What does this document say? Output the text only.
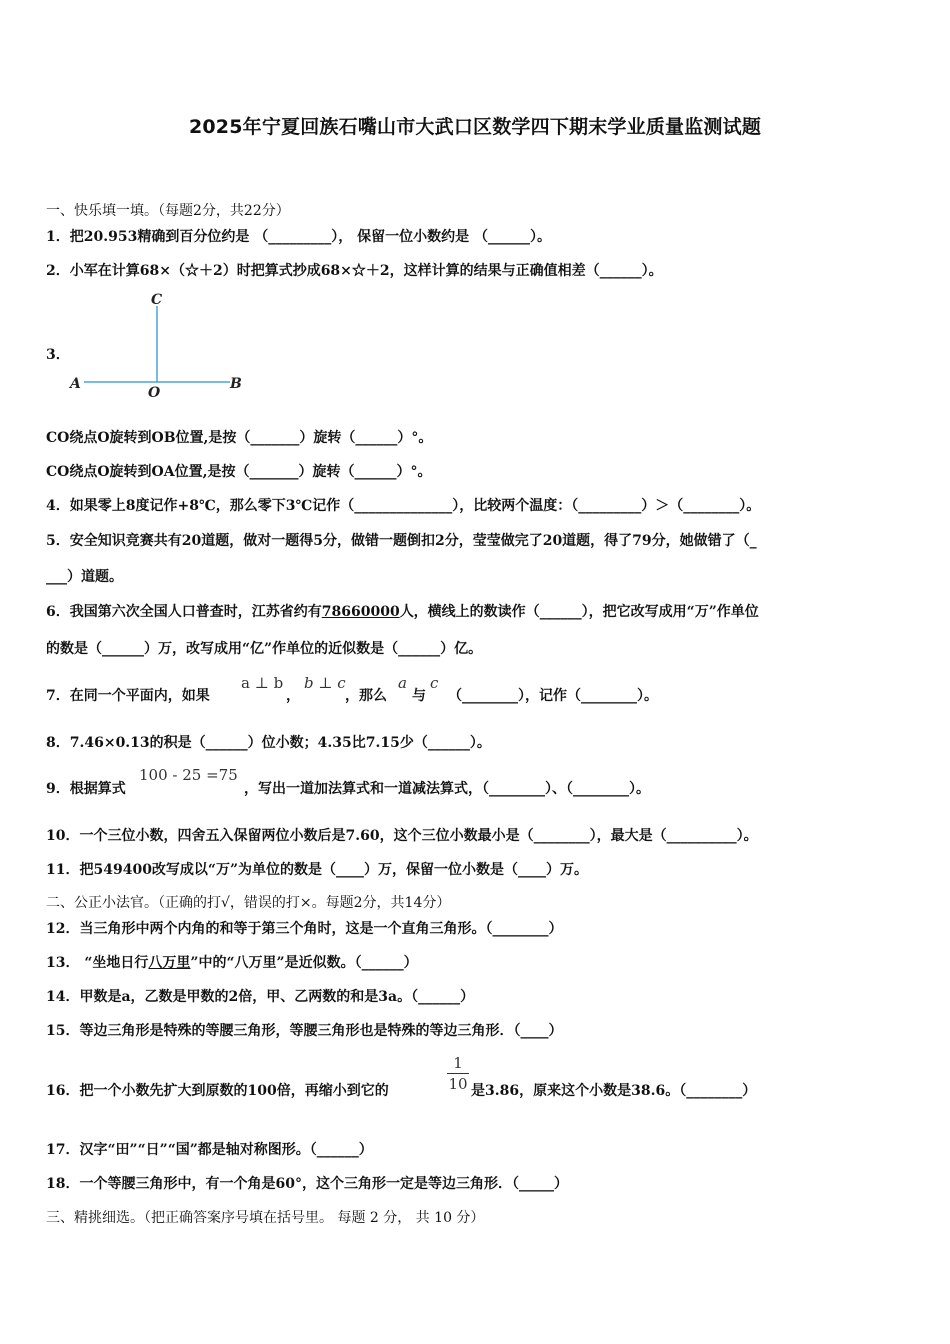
2025年宁夏回族石嘴山市大武口区数学四下期末学业质量监测试题
一、快乐填一填。（每题2分，共22分）
1．把20.953精确到百分位约是 （_________）， 保留一位小数约是 （______）。
2．小军在计算68×（☆＋2）时把算式抄成68×☆＋2，这样计算的结果与正确值相差（______）。
3．
C
A
O
B
CO绕点O旋转到OB位置,是按（_______）旋转（______）°。
CO绕点O旋转到OA位置,是按（_______）旋转（______）°。
4．如果零上8度记作+8℃，那么零下3℃记作（______________），比较两个温度：（_________）＞（________）。
5．安全知识竞赛共有20道题，做对一题得5分，做错一题倒扣2分，莹莹做完了20道题，得了79分，她做错了（_
___）道题。
6．我国第六次全国人口普查时，江苏省约有78660000人，横线上的数读作（______），把它改写成用“万”作单位
的数是（______）万，改写成用“亿”作单位的近似数是（______）亿。
7．在同一个平面内，如果
a ⊥ b
，
b ⊥ c
，那么
a
与
c
（________），记作（________）。
8．7.46×0.13的积是（______）位小数；4.35比7.15少（______）。
9．根据算式
100 - 25 =75
，写出一道加法算式和一道减法算式，（________）、（________）。
10．一个三位小数，四舍五入保留两位小数后是7.60，这个三位小数最小是（________），最大是（__________）。
11．把549400改写成以“万”为单位的数是（____）万，保留一位小数是（____）万。
二、公正小法官。（正确的打√，错误的打×。每题2分，共14分）
12．当三角形中两个内角的和等于第三个角时，这是一个直角三角形。（________）
13． “坐地日行八万里”中的“八万里”是近似数。（______）
14．甲数是a，乙数是甲数的2倍，甲、乙两数的和是3a。（______）
15．等边三角形是特殊的等腰三角形，等腰三角形也是特殊的等边三角形．（____）
16．把一个小数先扩大到原数的100倍，再缩小到它的
1
10 是3.86，原来这个小数是38.6。（________）
17．汉字“田”“日”“国”都是轴对称图形。（______）
18．一个等腰三角形中，有一个角是60°，这个三角形一定是等边三角形．（_____）
三、精挑细选。（把正确答案序号填在括号里。 每题 2 分， 共 10 分）
